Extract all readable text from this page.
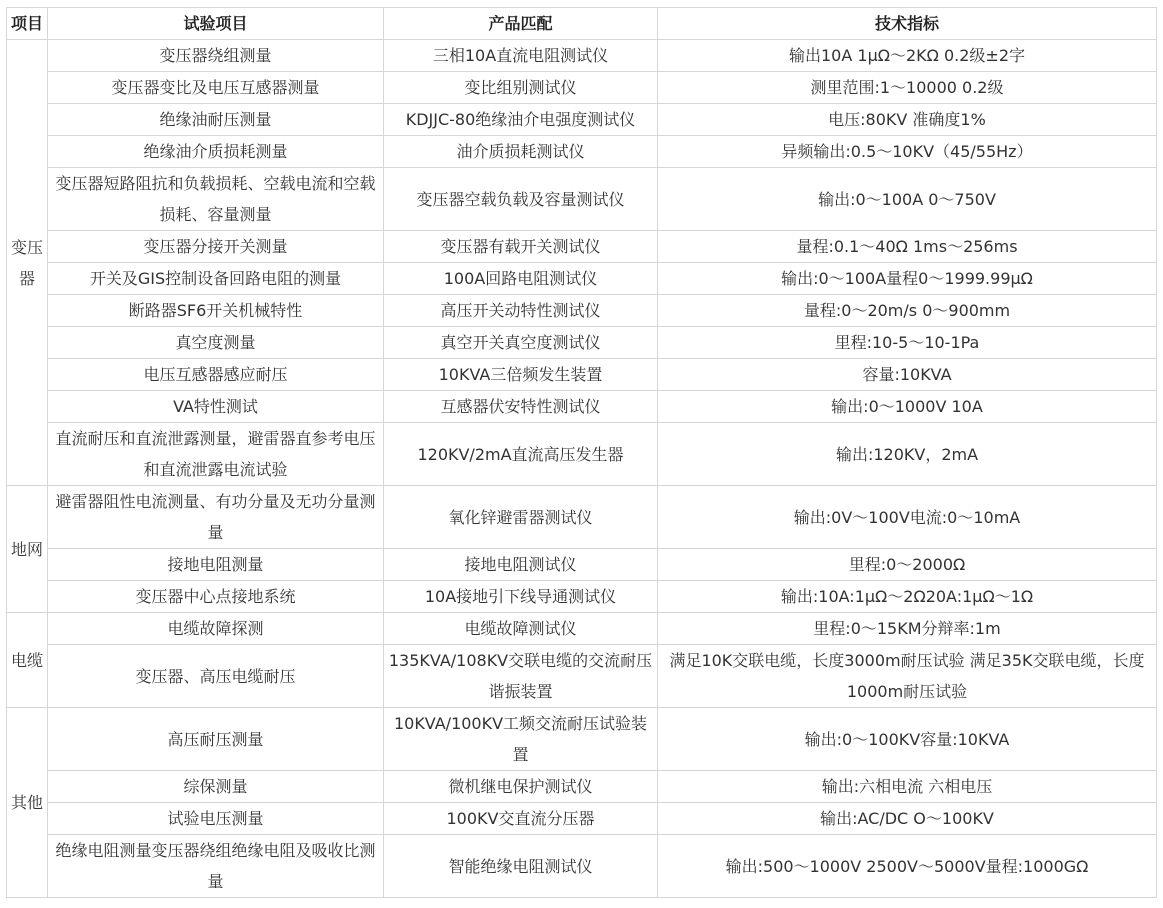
项目	试验项目	产品匹配	技术指标
变压器	变压器绕组测量	三相10A直流电阻测试仪	输出10A 1μΩ～2KΩ 0.2级±2字
	变压器变比及电压互感器测量	变比组别测试仪	测里范围:1～10000 0.2级
	绝缘油耐压测量	KDJJC-80绝缘油介电强度测试仪	电压:80KV 准确度1%
	绝缘油介质损耗测量	油介质损耗测试仪	异频输出:0.5～10KV（45/55Hz）
	变压器短路阻抗和负载损耗、空载电流和空载损耗、容量测量	变压器空载负载及容量测试仪	输出:0～100A 0～750V
	变压器分接开关测量	变压器有载开关测试仪	量程:0.1～40Ω 1ms～256ms
	开关及GIS控制设备回路电阻的测量	100A回路电阻测试仪	输出:0～100A量程0～1999.99μΩ
	断路器SF6开关机械特性	高压开关动特性测试仪	量程:0～20m/s 0～900mm
	真空度测量	真空开关真空度测试仪	里程:10-5～10-1Pa
	电压互感器感应耐压	10KVA三倍频发生装置	容量:10KVA
	VA特性测试	互感器伏安特性测试仪	输出:0～1000V 10A
	直流耐压和直流泄露测量，避雷器直参考电压和直流泄露电流试验	120KV/2mA直流高压发生器	输出:120KV，2mA
地网	避雷器阻性电流测量、有功分量及无功分量测量	氧化锌避雷器测试仪	输出:0V～100V电流:0～10mA
	接地电阻测量	接地电阻测试仪	里程:0～2000Ω
	变压器中心点接地系统	10A接地引下线导通测试仪	输出:10A:1μΩ～2Ω20A:1μΩ～1Ω
电缆	电缆故障探测	电缆故障测试仪	里程:0～15KM分辩率:1m
	变压器、高压电缆耐压	135KVA/108KV交联电缆的交流耐压谐振装置	满足10K交联电缆，长度3000m耐压试验 满足35K交联电缆，长度1000m耐压试验
其他	高压耐压测量	10KVA/100KV工频交流耐压试验装置	输出:0～100KV容量:10KVA
	综保测量	微机继电保护测试仪	输出:六相电流 六相电压
	试验电压测量	100KV交直流分压器	输出:AC/DC O～100KV
	绝缘电阻测量变压器绕组绝缘电阻及吸收比测量	智能绝缘电阻测试仪	输出:500～1000V 2500V～5000V量程:1000GΩ
